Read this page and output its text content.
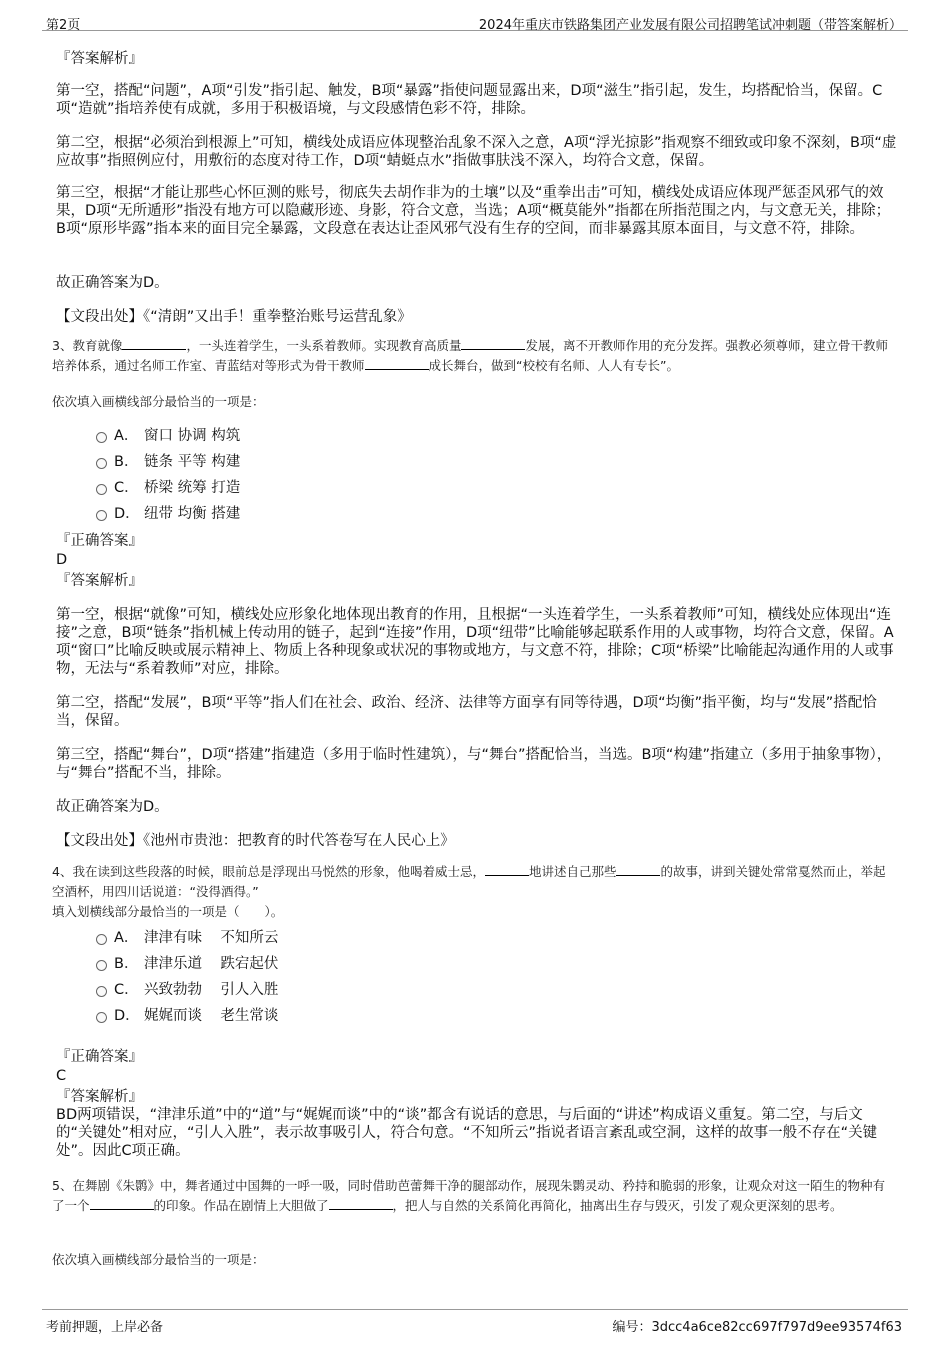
第2页	2024年重庆市铁路集团产业发展有限公司招聘笔试冲刺题（带答案解析）

『答案解析』

第一空，搭配“问题”，A项“引发”指引起、触发，B项“暴露”指使问题显露出来，D项“滋生”指引起，发生，均搭配恰当，保留。C项“造就”指培养使有成就，多用于积极语境，与文段感情色彩不符，排除。

第二空，根据“必须治到根源上”可知，横线处成语应体现整治乱象不深入之意，A项“浮光掠影”指观察不细致或印象不深刻，B项“虚应故事”指照例应付，用敷衍的态度对待工作，D项“蜻蜓点水”指做事肤浅不深入，均符合文意，保留。

第三空，根据“才能让那些心怀叵测的账号，彻底失去胡作非为的土壤”以及“重拳出击”可知，横线处成语应体现严惩歪风邪气的效果，D项“无所遁形”指没有地方可以隐藏形迹、身影，符合文意，当选；A项“概莫能外”指都在所指范围之内，与文意无关，排除；B项“原形毕露”指本来的面目完全暴露，文段意在表达让歪风邪气没有生存的空间，而非暴露其原本面目，与文意不符，排除。

故正确答案为D。

【文段出处】《“清朗”又出手！重拳整治账号运营乱象》

3、教育就像	，一头连着学生，一头系着教师。实现教育高质量	发展，离不开教师作用的充分发挥。强教必须尊师，建立骨干教师培养体系，通过名师工作室、青蓝结对等形式为骨干教师	成长舞台，做到“校校有名师、人人有专长”。

依次填入画横线部分最恰当的一项是：

A． 窗口 协调 构筑
B． 链条 平等 构建
C． 桥梁 统筹 打造
D． 纽带 均衡 搭建

『正确答案』

D

『答案解析』

第一空，根据“就像”可知，横线处应形象化地体现出教育的作用，且根据“一头连着学生，一头系着教师”可知，横线处应体现出“连接”之意，B项“链条”指机械上传动用的链子，起到“连接”作用，D项“纽带”比喻能够起联系作用的人或事物，均符合文意，保留。A项“窗口”比喻反映或展示精神上、物质上各种现象或状况的事物或地方，与文意不符，排除；C项“桥梁”比喻能起沟通作用的人或事物，无法与“系着教师”对应，排除。

第二空，搭配“发展”，B项“平等”指人们在社会、政治、经济、法律等方面享有同等待遇，D项“均衡”指平衡，均与“发展”搭配恰当，保留。

第三空，搭配“舞台”，D项“搭建”指建造（多用于临时性建筑），与“舞台”搭配恰当，当选。B项“构建”指建立（多用于抽象事物），与“舞台”搭配不当，排除。

故正确答案为D。

【文段出处】《池州市贵池：把教育的时代答卷写在人民心上》

4、我在读到这些段落的时候，眼前总是浮现出马悦然的形象，他喝着威士忌，	地讲述自己那些	的故事，讲到关键处常常戛然而止，举起空酒杯，用四川话说道：“没得酒得。”

填入划横线部分最恰当的一项是（　　）。

A． 津津有味    不知所云
B． 津津乐道    跌宕起伏
C． 兴致勃勃    引人入胜
D． 娓娓而谈    老生常谈

『正确答案』

C

『答案解析』

BD两项错误，“津津乐道”中的“道”与“娓娓而谈”中的“谈”都含有说话的意思，与后面的“讲述”构成语义重复。第二空，与后文的“关键处”相对应，“引人入胜”，表示故事吸引人，符合句意。“不知所云”指说者语言紊乱或空洞，这样的故事一般不存在“关键处”。因此C项正确。

5、在舞剧《朱鹮》中，舞者通过中国舞的一呼一吸，同时借助芭蕾舞干净的腿部动作，展现朱鹮灵动、矜持和脆弱的形象，让观众对这一陌生的物种有了一个	的印象。作品在剧情上大胆做了	，把人与自然的关系简化再简化，抽离出生存与毁灭，引发了观众更深刻的思考。

依次填入画横线部分最恰当的一项是：

考前押题，上岸必备	编号：3dcc4a6ce82cc697f797d9ee93574f63
